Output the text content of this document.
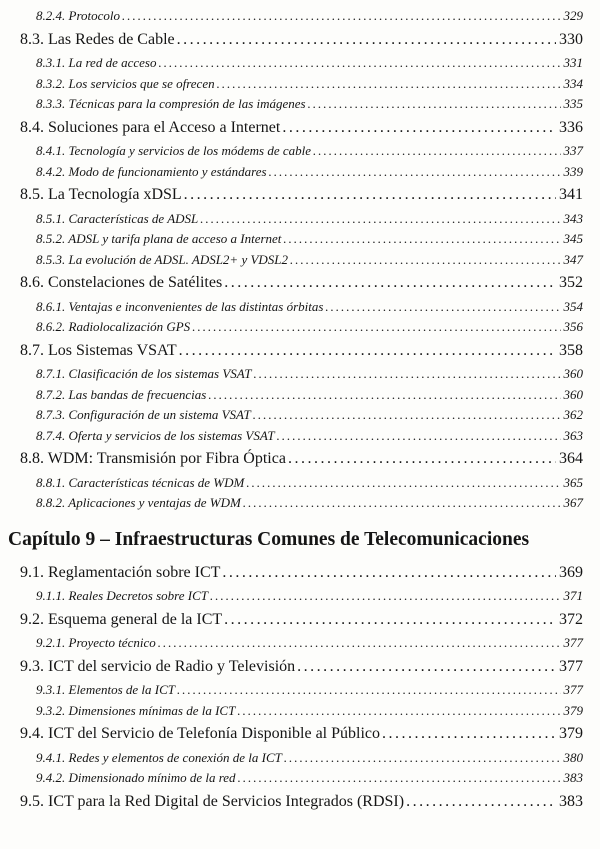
8.2.4. Protocolo .....	329
8.3. Las Redes de Cable .....	330
8.3.1. La red de acceso .....	331
8.3.2. Los servicios que se ofrecen .....	334
8.3.3. Técnicas para la compresión de las imágenes .....	335
8.4. Soluciones para el Acceso a Internet .....	336
8.4.1. Tecnología y servicios de los módems de cable .....	337
8.4.2. Modo de funcionamiento y estándares .....	339
8.5. La Tecnología xDSL .....	341
8.5.1. Características de ADSL .....	343
8.5.2. ADSL y tarifa plana de acceso a Internet .....	345
8.5.3. La evolución de ADSL. ADSL2+ y VDSL2 .....	347
8.6. Constelaciones de Satélites .....	352
8.6.1. Ventajas e inconvenientes de las distintas órbitas .....	354
8.6.2. Radiolocalización GPS .....	356
8.7. Los Sistemas VSAT .....	358
8.7.1. Clasificación de los sistemas VSAT .....	360
8.7.2. Las bandas de frecuencias .....	360
8.7.3. Configuración de un sistema VSAT .....	362
8.7.4. Oferta y servicios de los sistemas VSAT .....	363
8.8. WDM: Transmisión por Fibra Óptica .....	364
8.8.1. Características técnicas de WDM .....	365
8.8.2. Aplicaciones y ventajas de WDM .....	367
Capítulo 9 – Infraestructuras Comunes de Telecomunicaciones
9.1. Reglamentación sobre ICT .....	369
9.1.1. Reales Decretos sobre ICT .....	371
9.2. Esquema general de la ICT .....	372
9.2.1. Proyecto técnico .....	377
9.3. ICT del servicio de Radio y Televisión .....	377
9.3.1. Elementos de la ICT .....	377
9.3.2. Dimensiones mínimas de la ICT .....	379
9.4. ICT del Servicio de Telefonía Disponible al Público .....	379
9.4.1. Redes y elementos de conexión de la ICT .....	380
9.4.2. Dimensionado mínimo de la red .....	383
9.5. ICT para la Red Digital de Servicios Integrados (RDSI) .....	383
